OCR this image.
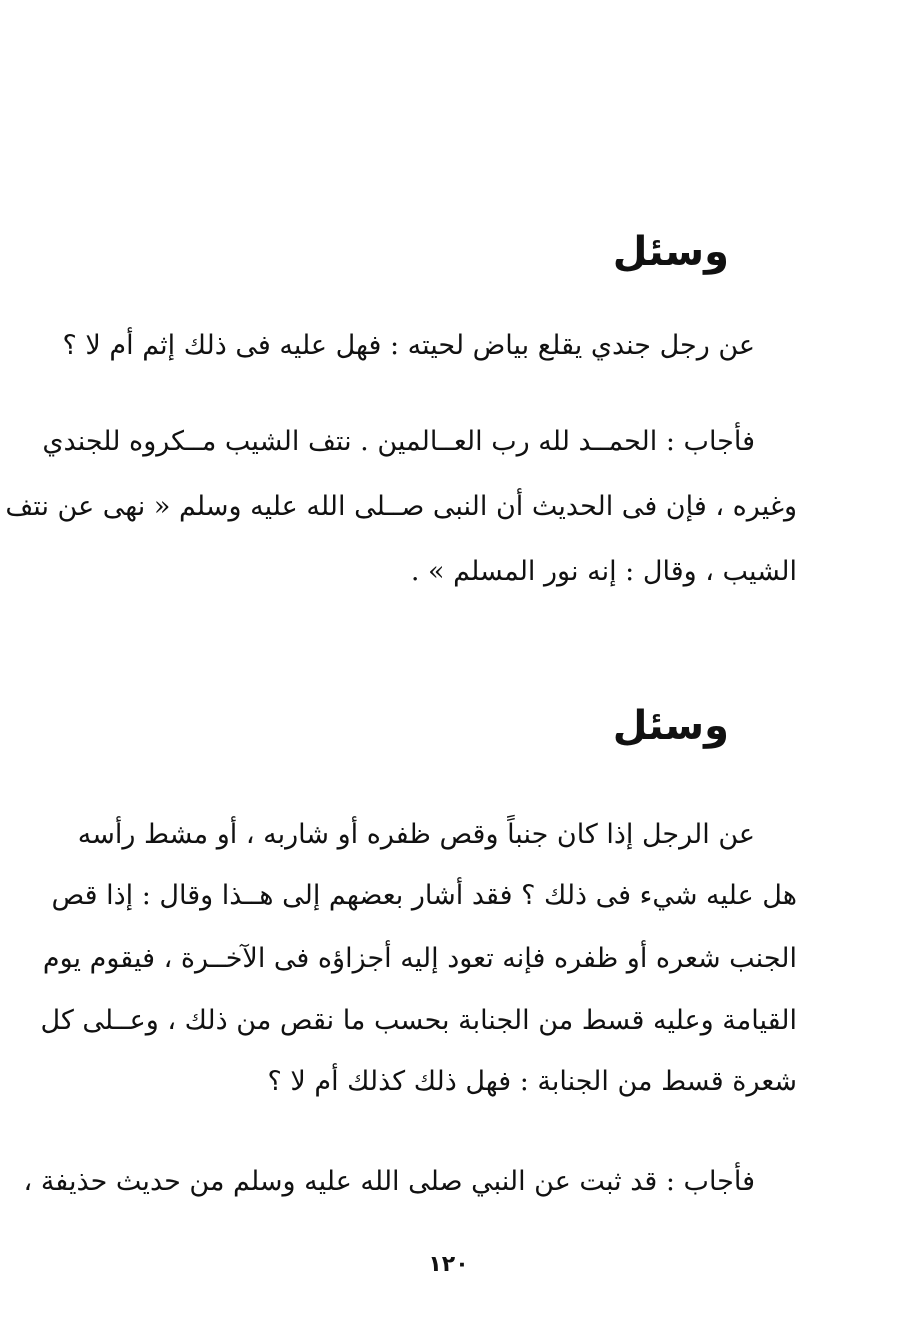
وسئل
عن رجل جندي يقلع بياض لحيته : فهل عليه فى ذلك إثم أم لا ؟
فأجاب : الحمــد لله رب العــالمين . نتف الشيب مــكروه للجندي
وغيره ، فإن فى الحديث أن النبى صــلى الله عليه وسلم « نهى عن نتف
الشيب ، وقال : إنه نور المسلم » .
وسئل
عن الرجل إذا كان جنباً وقص ظفره أو شاربه ، أو مشط رأسه
هل عليه شيء فى ذلك ؟ فقد أشار بعضهم إلى هــذا وقال : إذا قص
الجنب شعره أو ظفره فإنه تعود إليه أجزاؤه فى الآخــرة ، فيقوم يوم
القيامة وعليه قسط من الجنابة بحسب ما نقص من ذلك ، وعــلى كل
شعرة قسط من الجنابة : فهل ذلك كذلك أم لا ؟
فأجاب : قد ثبت عن النبي صلى الله عليه وسلم من حديث حذيفة ،
١٢٠
